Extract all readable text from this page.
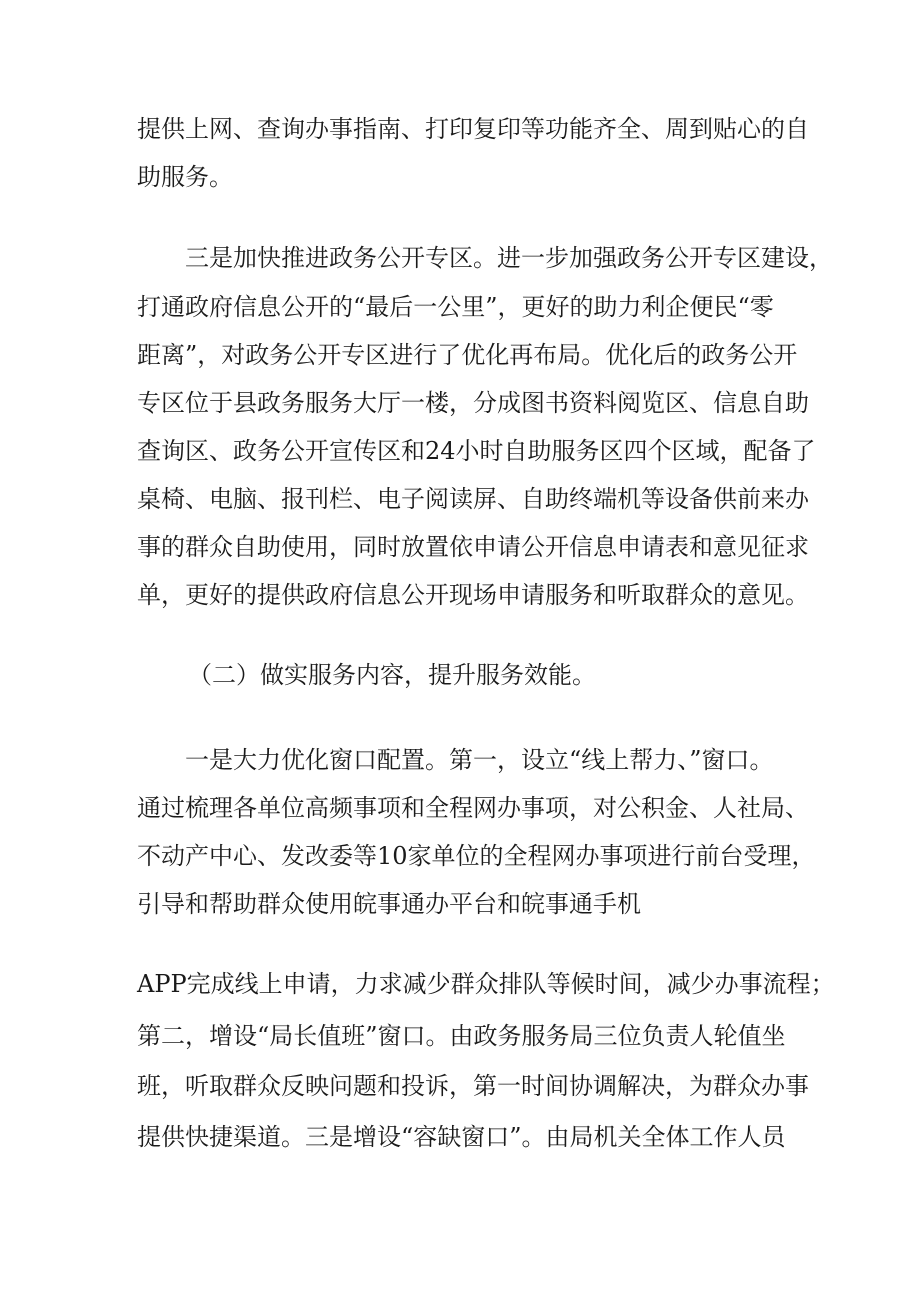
提供上网、查询办事指南、打印复印等功能齐全、周到贴心的自

助服务。

三是加快推进政务公开专区。进一步加强政务公开专区建设，

打通政府信息公开的“最后一公里”，更好的助力利企便民“零

距离”，对政务公开专区进行了优化再布局。优化后的政务公开

专区位于县政务服务大厅一楼，分成图书资料阅览区、信息自助

查询区、政务公开宣传区和24小时自助服务区四个区域，配备了

桌椅、电脑、报刊栏、电子阅读屏、自助终端机等设备供前来办

事的群众自助使用，同时放置依申请公开信息申请表和意见征求

单，更好的提供政府信息公开现场申请服务和听取群众的意见。

（二）做实服务内容，提升服务效能。

一是大力优化窗口配置。第一，设立“线上帮力、”窗口。

通过梳理各单位高频事项和全程网办事项，对公积金、人社局、

不动产中心、发改委等10家单位的全程网办事项进行前台受理，

引导和帮助群众使用皖事通办平台和皖事通手机

APP完成线上申请，力求减少群众排队等候时间，减少办事流程；

第二，增设“局长值班”窗口。由政务服务局三位负责人轮值坐

班，听取群众反映问题和投诉，第一时间协调解决，为群众办事

提供快捷渠道。三是增设“容缺窗口”。由局机关全体工作人员
